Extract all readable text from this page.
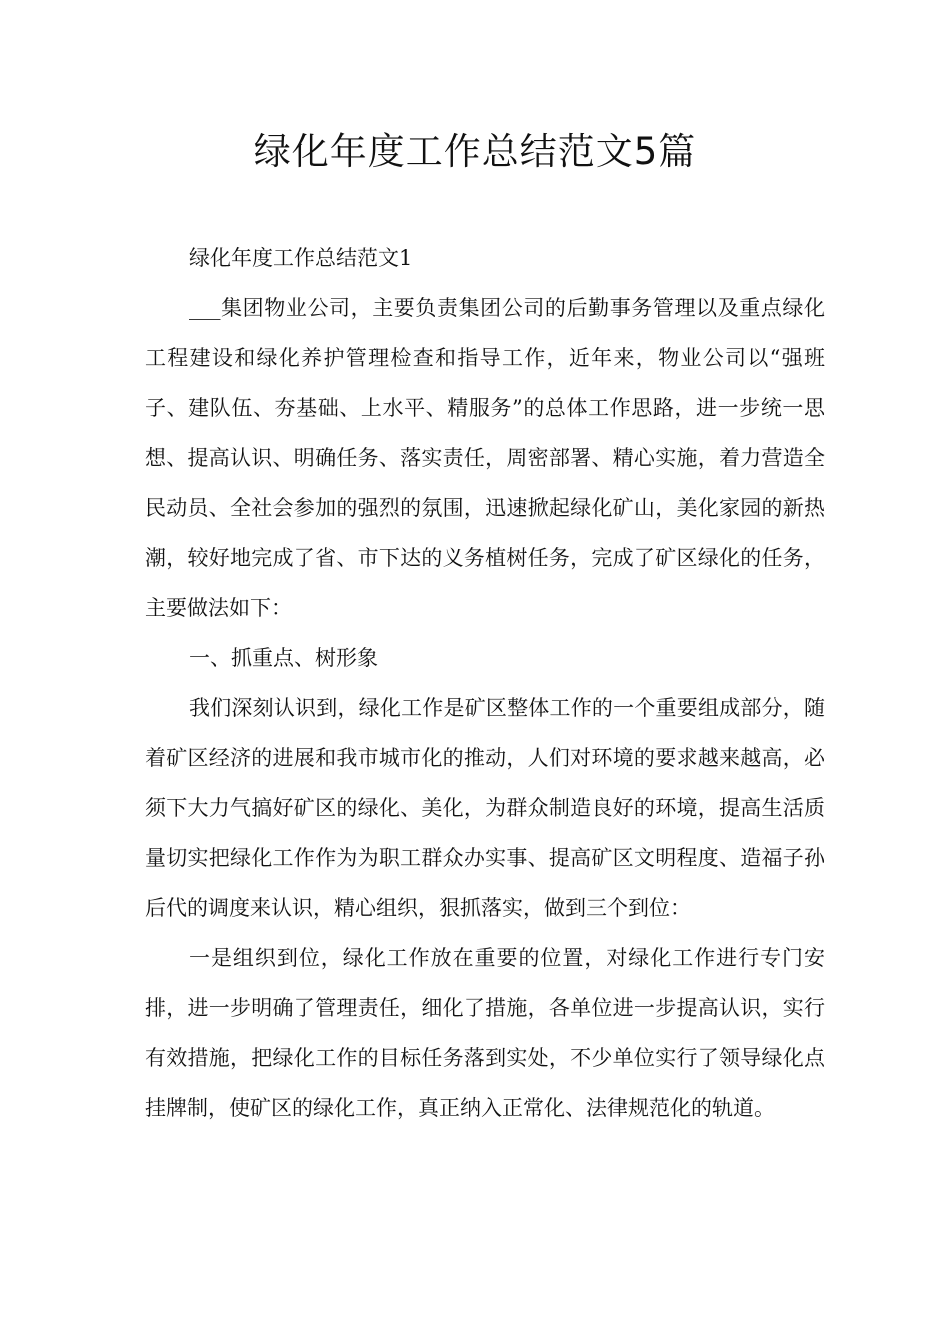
绿化年度工作总结范文5篇

绿化年度工作总结范文1

___集团物业公司，主要负责集团公司的后勤事务管理以及重点绿化工程建设和绿化养护管理检查和指导工作，近年来，物业公司以“强班子、建队伍、夯基础、上水平、精服务”的总体工作思路，进一步统一思想、提高认识、明确任务、落实责任，周密部署、精心实施，着力营造全民动员、全社会参加的强烈的氛围，迅速掀起绿化矿山，美化家园的新热潮，较好地完成了省、市下达的义务植树任务，完成了矿区绿化的任务，主要做法如下：

一、抓重点、树形象

我们深刻认识到，绿化工作是矿区整体工作的一个重要组成部分，随着矿区经济的进展和我市城市化的推动，人们对环境的要求越来越高，必须下大力气搞好矿区的绿化、美化，为群众制造良好的环境，提高生活质量切实把绿化工作作为为职工群众办实事、提高矿区文明程度、造福子孙后代的调度来认识，精心组织，狠抓落实，做到三个到位：

一是组织到位，绿化工作放在重要的位置，对绿化工作进行专门安排，进一步明确了管理责任，细化了措施，各单位进一步提高认识，实行有效措施，把绿化工作的目标任务落到实处，不少单位实行了领导绿化点挂牌制，使矿区的绿化工作，真正纳入正常化、法律规范化的轨道。
